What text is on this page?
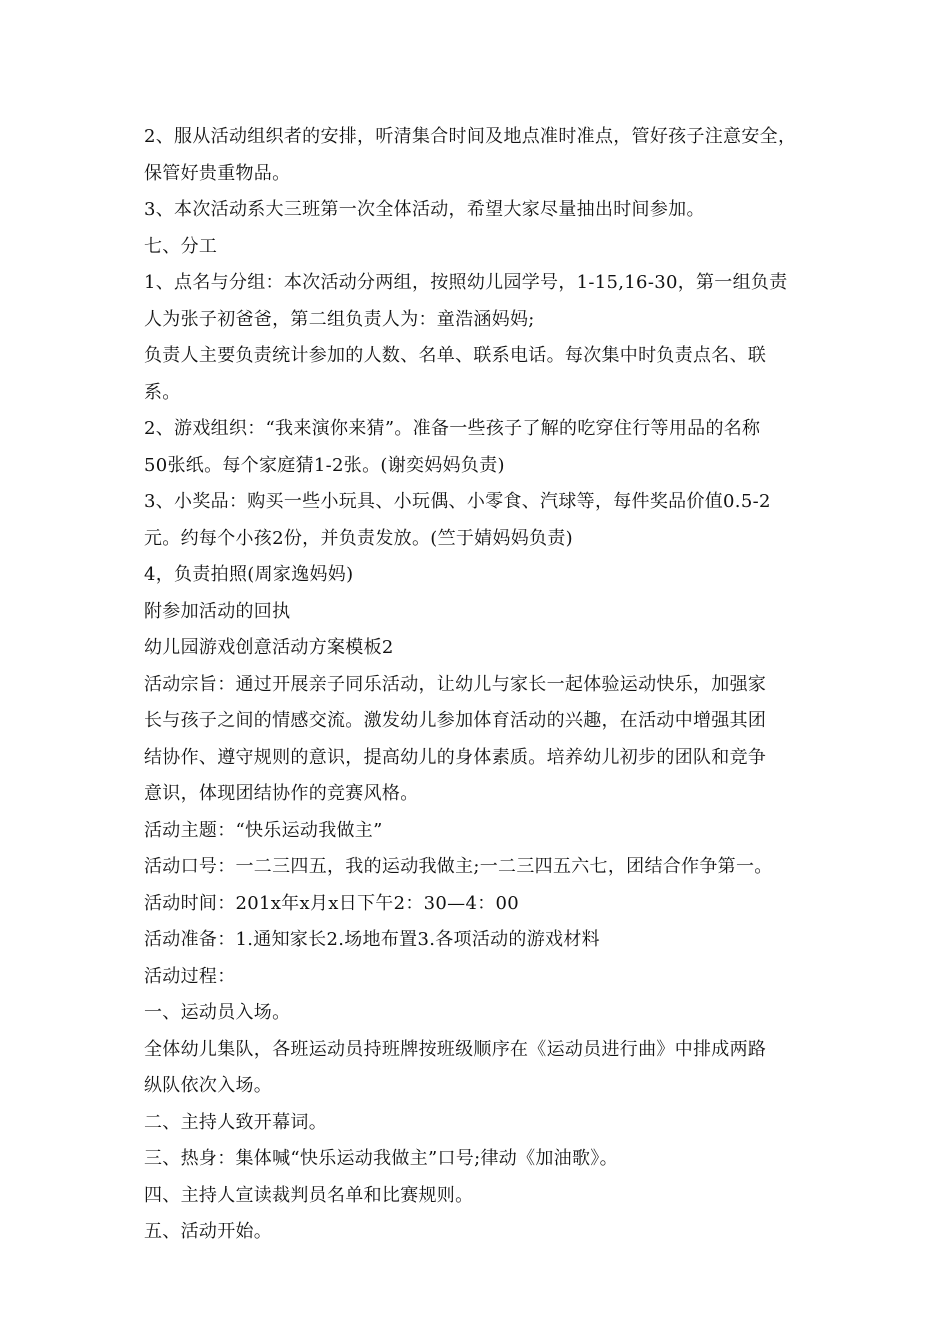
2、服从活动组织者的安排，听清集合时间及地点准时准点，管好孩子注意安全，
保管好贵重物品。
3、本次活动系大三班第一次全体活动，希望大家尽量抽出时间参加。
七、分工
1、点名与分组：本次活动分两组，按照幼儿园学号，1-15,16-30，第一组负责
人为张子初爸爸，第二组负责人为：童浩涵妈妈;
负责人主要负责统计参加的人数、名单、联系电话。每次集中时负责点名、联
系。
2、游戏组织：“我来演你来猜”。准备一些孩子了解的吃穿住行等用品的名称
50张纸。每个家庭猜1-2张。(谢奕妈妈负责)
3、小奖品：购买一些小玩具、小玩偶、小零食、汽球等，每件奖品价值0.5-2
元。约每个小孩2份，并负责发放。(竺于婧妈妈负责)
4，负责拍照(周家逸妈妈)
附参加活动的回执
幼儿园游戏创意活动方案模板2
活动宗旨：通过开展亲子同乐活动，让幼儿与家长一起体验运动快乐，加强家
长与孩子之间的情感交流。激发幼儿参加体育活动的兴趣，在活动中增强其团
结协作、遵守规则的意识，提高幼儿的身体素质。培养幼儿初步的团队和竞争
意识，体现团结协作的竞赛风格。
活动主题：“快乐运动我做主”
活动口号：一二三四五，我的运动我做主;一二三四五六七，团结合作争第一。
活动时间：201x年x月x日下午2：30—4：00
活动准备：1.通知家长2.场地布置3.各项活动的游戏材料
活动过程：
一、运动员入场。
全体幼儿集队，各班运动员持班牌按班级顺序在《运动员进行曲》中排成两路
纵队依次入场。
二、主持人致开幕词。
三、热身：集体喊“快乐运动我做主”口号;律动《加油歌》。
四、主持人宣读裁判员名单和比赛规则。
五、活动开始。
